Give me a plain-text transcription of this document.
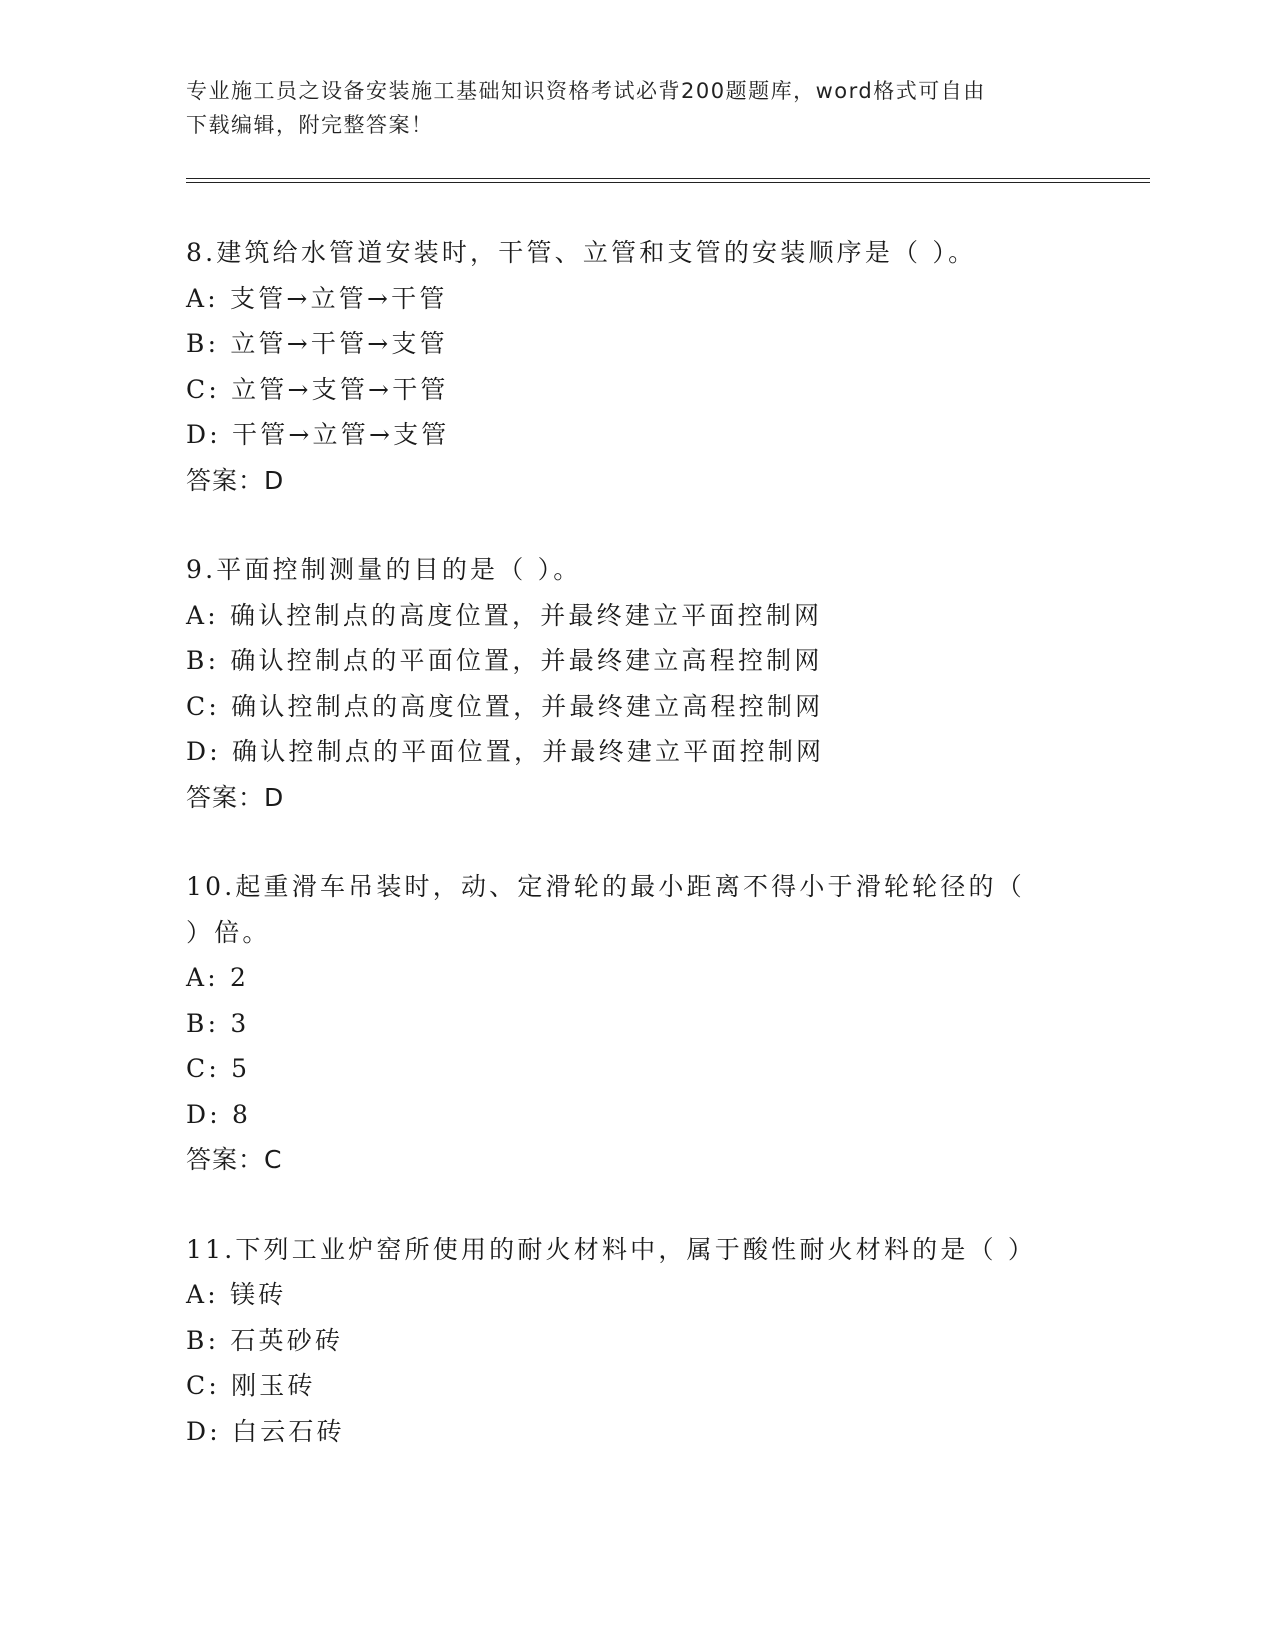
专业施工员之设备安装施工基础知识资格考试必背200题题库，word格式可自由
下载编辑，附完整答案！
8.建筑给水管道安装时，干管、立管和支管的安装顺序是（ ）。
A: 支管→立管→干管
B: 立管→干管→支管
C: 立管→支管→干管
D: 干管→立管→支管
答案：D
9.平面控制测量的目的是（ ）。
A: 确认控制点的高度位置，并最终建立平面控制网
B: 确认控制点的平面位置，并最终建立高程控制网
C: 确认控制点的高度位置，并最终建立高程控制网
D: 确认控制点的平面位置，并最终建立平面控制网
答案：D
10.起重滑车吊装时，动、定滑轮的最小距离不得小于滑轮轮径的（
）倍。
A: 2
B: 3
C: 5
D: 8
答案：C
11.下列工业炉窑所使用的耐火材料中，属于酸性耐火材料的是（ ）
A: 镁砖
B: 石英砂砖
C: 刚玉砖
D: 白云石砖
